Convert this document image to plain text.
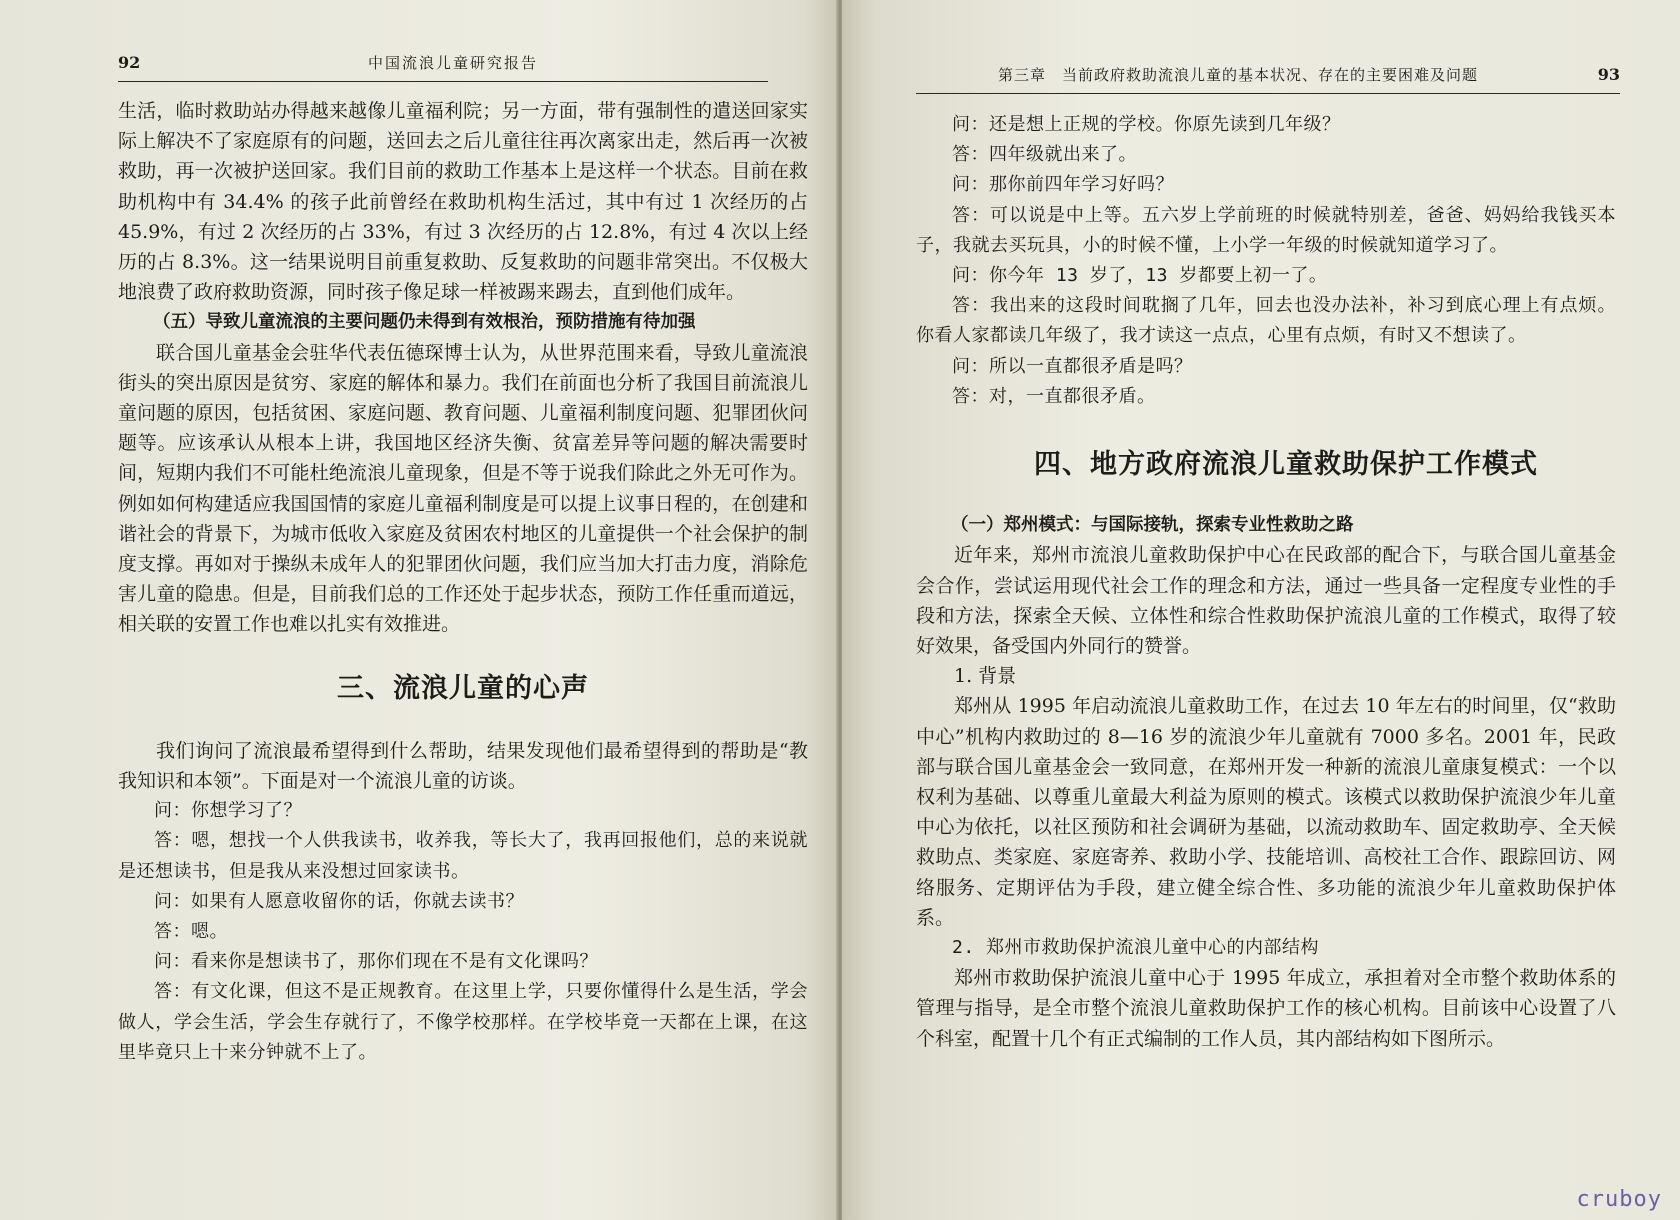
92	中国流浪儿童研究报告

生活，临时救助站办得越来越像儿童福利院；另一方面，带有强制性的遣送回家实际上解决不了家庭原有的问题，送回去之后儿童往往再次离家出走，然后再一次被救助，再一次被护送回家。我们目前的救助工作基本上是这样一个状态。目前在救助机构中有 34.4% 的孩子此前曾经在救助机构生活过，其中有过 1 次经历的占 45.9%，有过 2 次经历的占 33%，有过 3 次经历的占 12.8%，有过 4 次以上经历的占 8.3%。这一结果说明目前重复救助、反复救助的问题非常突出。不仅极大地浪费了政府救助资源，同时孩子像足球一样被踢来踢去，直到他们成年。

（五）导致儿童流浪的主要问题仍未得到有效根治，预防措施有待加强

联合国儿童基金会驻华代表伍德琛博士认为，从世界范围来看，导致儿童流浪街头的突出原因是贫穷、家庭的解体和暴力。我们在前面也分析了我国目前流浪儿童问题的原因，包括贫困、家庭问题、教育问题、儿童福利制度问题、犯罪团伙问题等。应该承认从根本上讲，我国地区经济失衡、贫富差异等问题的解决需要时间，短期内我们不可能杜绝流浪儿童现象，但是不等于说我们除此之外无可作为。例如如何构建适应我国国情的家庭儿童福利制度是可以提上议事日程的，在创建和谐社会的背景下，为城市低收入家庭及贫困农村地区的儿童提供一个社会保护的制度支撑。再如对于操纵未成年人的犯罪团伙问题，我们应当加大打击力度，消除危害儿童的隐患。但是，目前我们总的工作还处于起步状态，预防工作任重而道远，相关联的安置工作也难以扎实有效推进。

三、流浪儿童的心声

我们询问了流浪最希望得到什么帮助，结果发现他们最希望得到的帮助是“教我知识和本领”。下面是对一个流浪儿童的访谈。

问：你想学习了？

答：嗯，想找一个人供我读书，收养我，等长大了，我再回报他们，总的来说就是还想读书，但是我从来没想过回家读书。

问：如果有人愿意收留你的话，你就去读书？

答：嗯。

问：看来你是想读书了，那你们现在不是有文化课吗？

答：有文化课，但这不是正规教育。在这里上学，只要你懂得什么是生活，学会做人，学会生活，学会生存就行了，不像学校那样。在学校毕竟一天都在上课，在这里毕竟只上十来分钟就不上了。

第三章　当前政府救助流浪儿童的基本状况、存在的主要困难及问题	93

问：还是想上正规的学校。你原先读到几年级？

答：四年级就出来了。

问：那你前四年学习好吗？

答：可以说是中上等。五六岁上学前班的时候就特别差，爸爸、妈妈给我钱买本子，我就去买玩具，小的时候不懂，上小学一年级的时候就知道学习了。

问：你今年 13 岁了，13 岁都要上初一了。

答：我出来的这段时间耽搁了几年，回去也没办法补，补习到底心理上有点烦。你看人家都读几年级了，我才读这一点点，心里有点烦，有时又不想读了。

问：所以一直都很矛盾是吗？

答：对，一直都很矛盾。

四、地方政府流浪儿童救助保护工作模式

（一）郑州模式：与国际接轨，探索专业性救助之路

近年来，郑州市流浪儿童救助保护中心在民政部的配合下，与联合国儿童基金会合作，尝试运用现代社会工作的理念和方法，通过一些具备一定程度专业性的手段和方法，探索全天候、立体性和综合性救助保护流浪儿童的工作模式，取得了较好效果，备受国内外同行的赞誉。

1. 背景

郑州从 1995 年启动流浪儿童救助工作，在过去 10 年左右的时间里，仅“救助中心”机构内救助过的 8—16 岁的流浪少年儿童就有 7000 多名。2001 年，民政部与联合国儿童基金会一致同意，在郑州开发一种新的流浪儿童康复模式：一个以权利为基础、以尊重儿童最大利益为原则的模式。该模式以救助保护流浪少年儿童中心为依托，以社区预防和社会调研为基础，以流动救助车、固定救助亭、全天候救助点、类家庭、家庭寄养、救助小学、技能培训、高校社工合作、跟踪回访、网络服务、定期评估为手段，建立健全综合性、多功能的流浪少年儿童救助保护体系。

2. 郑州市救助保护流浪儿童中心的内部结构

郑州市救助保护流浪儿童中心于 1995 年成立，承担着对全市整个救助体系的管理与指导，是全市整个流浪儿童救助保护工作的核心机构。目前该中心设置了八个科室，配置十几个有正式编制的工作人员，其内部结构如下图所示。

cruboy
